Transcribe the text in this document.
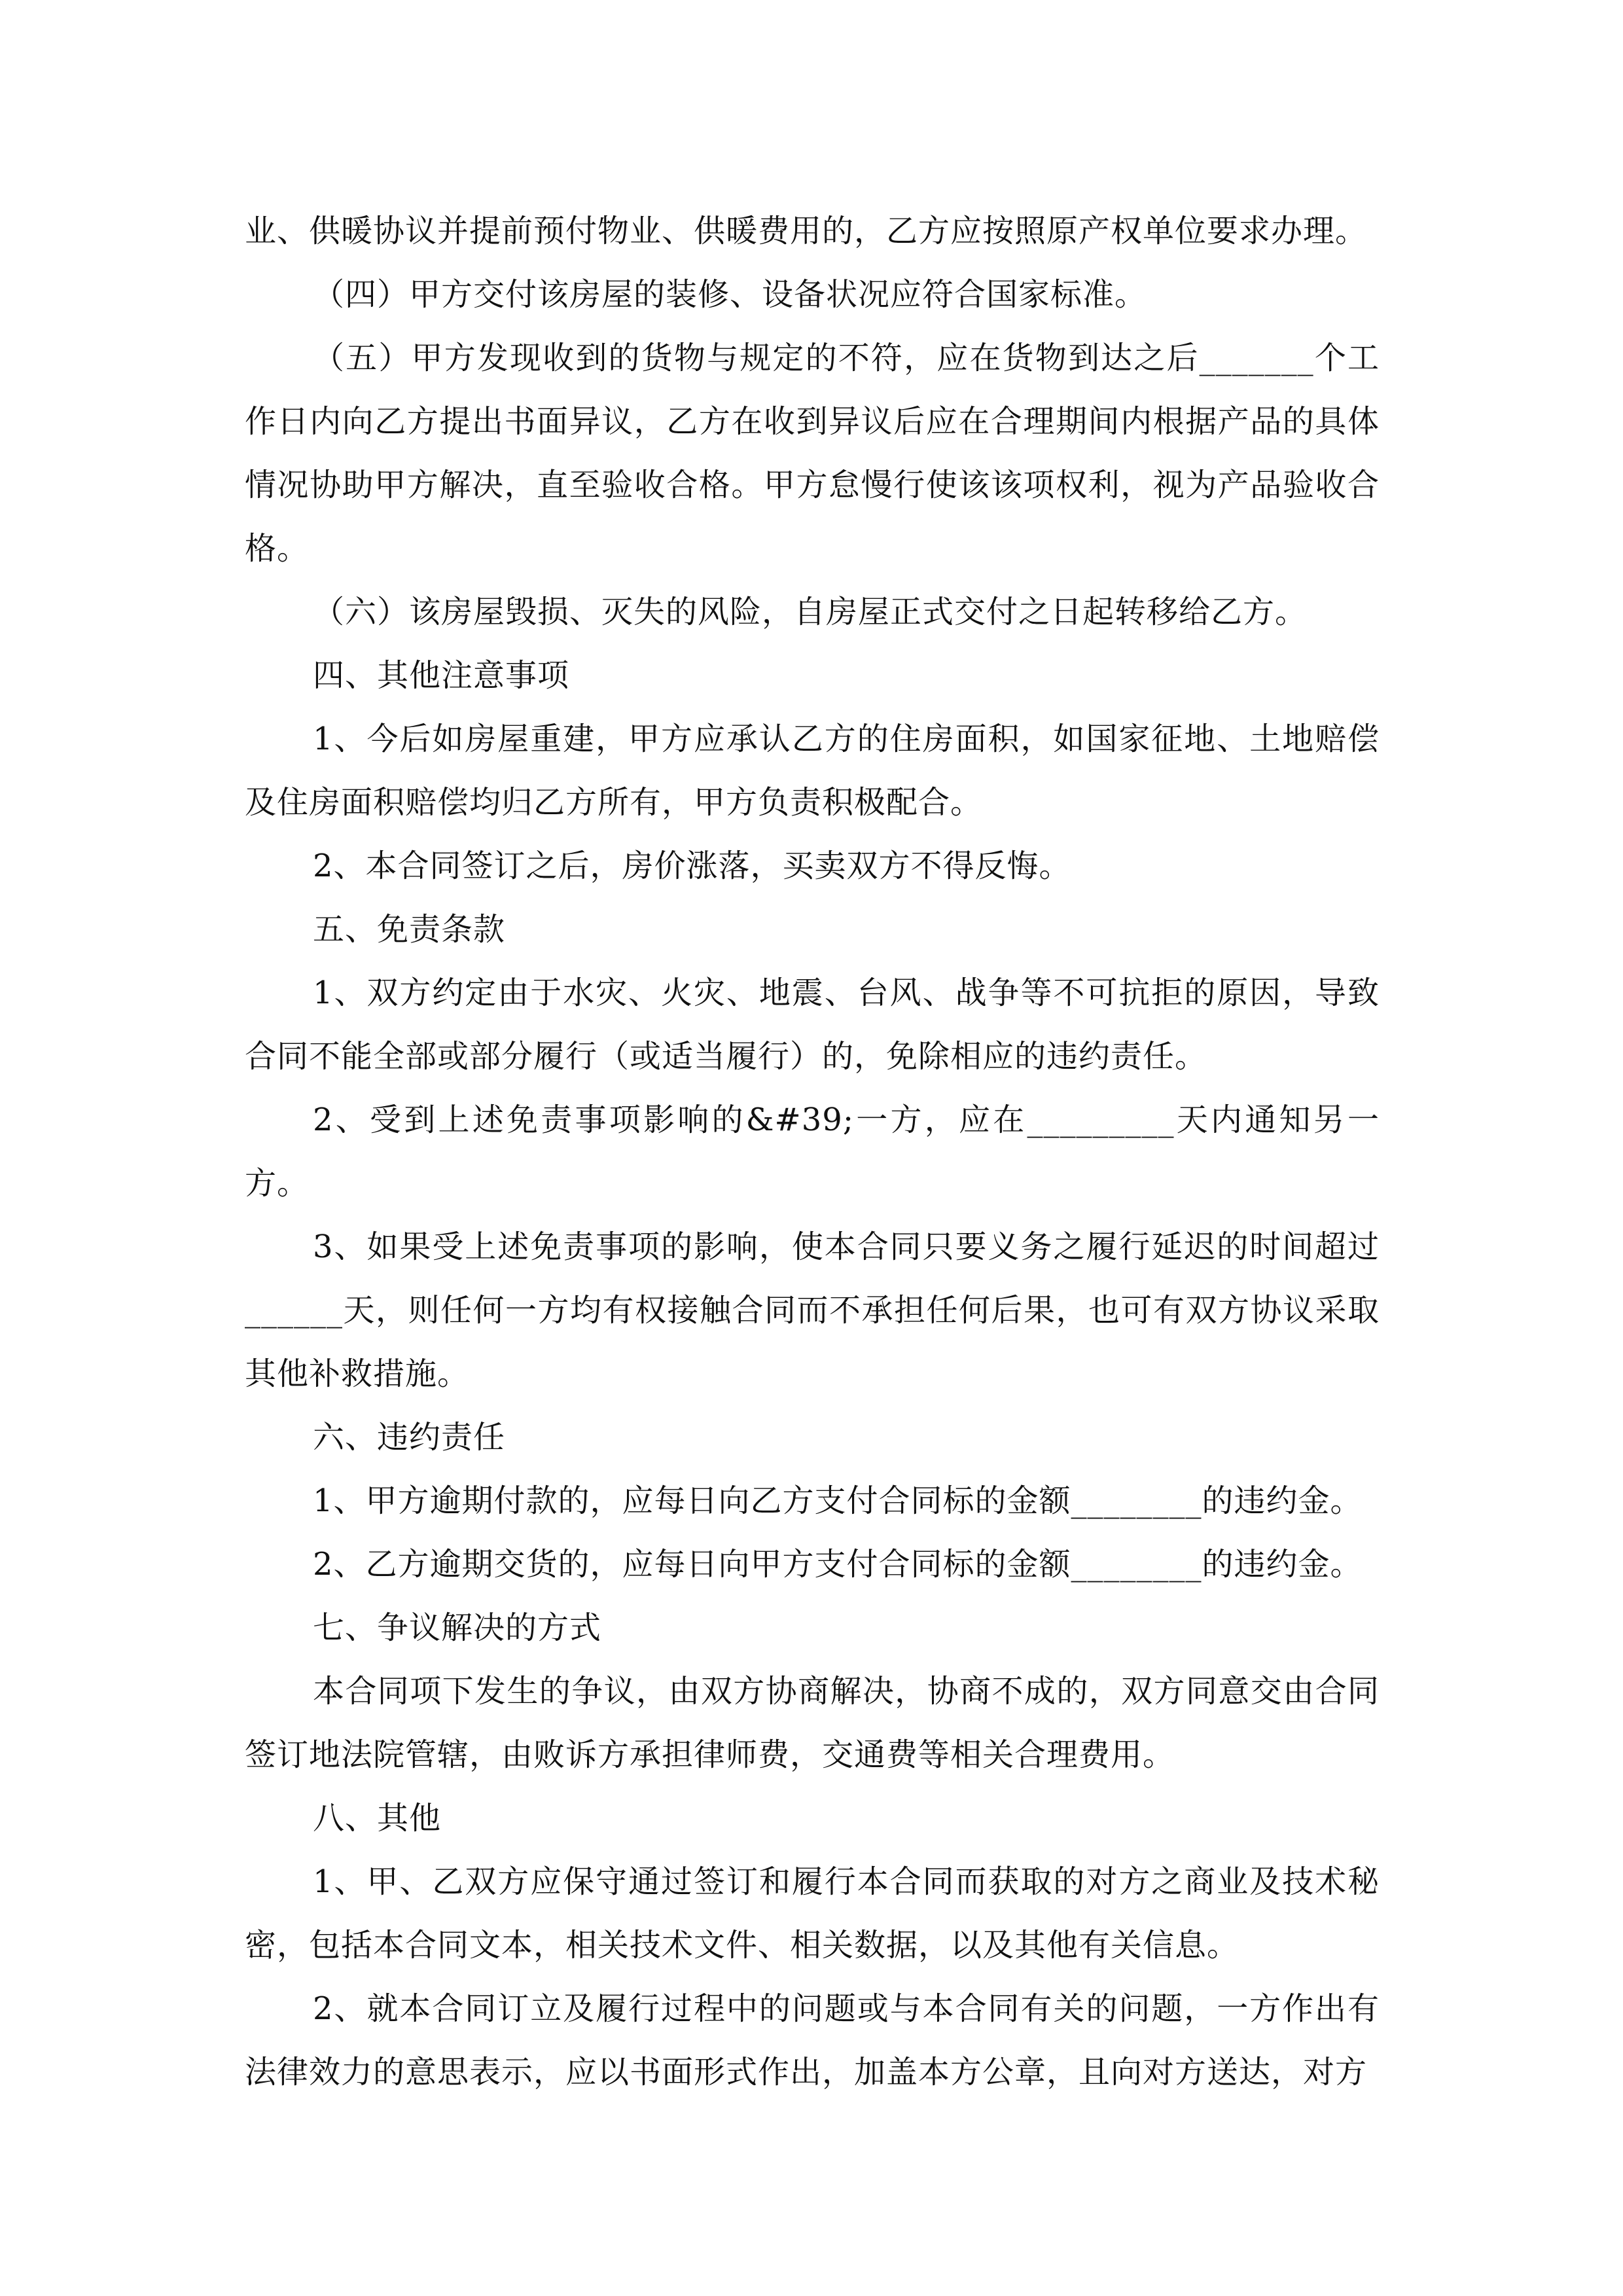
业、供暖协议并提前预付物业、供暖费用的，乙方应按照原产权单位要求办理。

（四）甲方交付该房屋的装修、设备状况应符合国家标准。

（五）甲方发现收到的货物与规定的不符，应在货物到达之后_______个工作日内向乙方提出书面异议，乙方在收到异议后应在合理期间内根据产品的具体情况协助甲方解决，直至验收合格。甲方怠慢行使该该项权利，视为产品验收合格。

（六）该房屋毁损、灭失的风险，自房屋正式交付之日起转移给乙方。

四、其他注意事项

1、今后如房屋重建，甲方应承认乙方的住房面积，如国家征地、土地赔偿及住房面积赔偿均归乙方所有，甲方负责积极配合。

2、本合同签订之后，房价涨落，买卖双方不得反悔。

五、免责条款

1、双方约定由于水灾、火灾、地震、台风、战争等不可抗拒的原因，导致合同不能全部或部分履行（或适当履行）的，免除相应的违约责任。

2、受到上述免责事项影响的&#39;一方，应在_________天内通知另一方。

3、如果受上述免责事项的影响，使本合同只要义务之履行延迟的时间超过______天，则任何一方均有权接触合同而不承担任何后果，也可有双方协议采取其他补救措施。

六、违约责任

1、甲方逾期付款的，应每日向乙方支付合同标的金额________的违约金。

2、乙方逾期交货的，应每日向甲方支付合同标的金额________的违约金。

七、争议解决的方式

本合同项下发生的争议，由双方协商解决，协商不成的，双方同意交由合同签订地法院管辖，由败诉方承担律师费，交通费等相关合理费用。

八、其他

1、甲、乙双方应保守通过签订和履行本合同而获取的对方之商业及技术秘密，包括本合同文本，相关技术文件、相关数据，以及其他有关信息。

2、就本合同订立及履行过程中的问题或与本合同有关的问题，一方作出有法律效力的意思表示，应以书面形式作出，加盖本方公章，且向对方送达，对方
